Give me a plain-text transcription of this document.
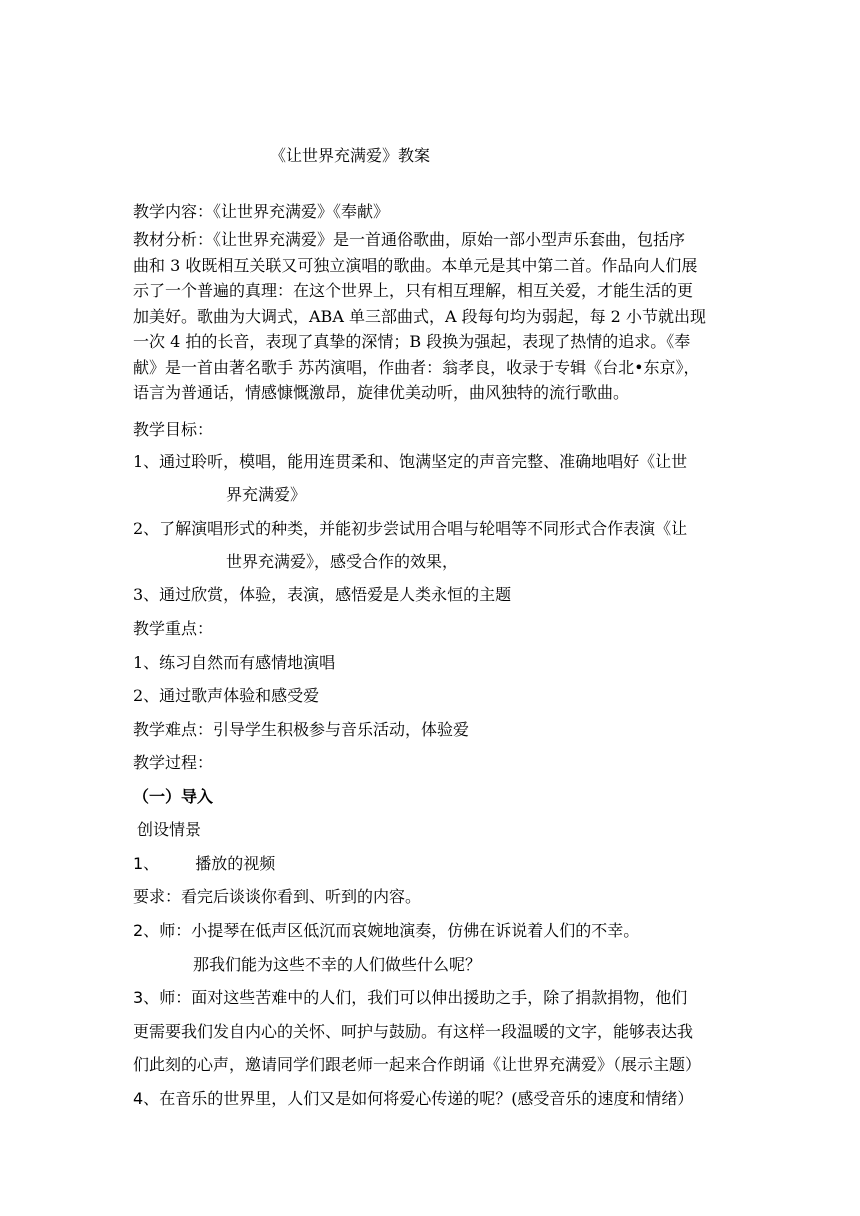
《让世界充满爱》教案
教学内容：《让世界充满爱》《奉献》

教材分析：《让世界充满爱》是一首通俗歌曲，原始一部小型声乐套曲，包括序

曲和 3 收既相互关联又可独立演唱的歌曲。本单元是其中第二首。作品向人们展

示了一个普遍的真理：在这个世界上，只有相互理解，相互关爱，才能生活的更

加美好。歌曲为大调式，ABA 单三部曲式，A 段每句均为弱起，每 2 小节就出现

一次 4 拍的长音，表现了真挚的深情；B 段换为强起，表现了热情的追求。《奉

献》是一首由著名歌手 苏芮演唱，作曲者：翁孝良，收录于专辑《台北•东京》，

语言为普通话，情感慷慨激昂，旋律优美动听，曲风独特的流行歌曲。

教学目标：
1、通过聆听，模唱，能用连贯柔和、饱满坚定的声音完整、准确地唱好《让世
界充满爱》
2、了解演唱形式的种类，并能初步尝试用合唱与轮唱等不同形式合作表演《让
世界充满爱》，感受合作的效果，
3、通过欣赏，体验，表演，感悟爱是人类永恒的主题
教学重点：
1、练习自然而有感情地演唱
2、通过歌声体验和感受爱
教学难点：引导学生积极参与音乐活动，体验爱
教学过程：
（一）导入
创设情景
1、 播放的视频
要求：看完后谈谈你看到、听到的内容。
2、师：小提琴在低声区低沉而哀婉地演奏，仿佛在诉说着人们的不幸。
那我们能为这些不幸的人们做些什么呢？
3、师：面对这些苦难中的人们，我们可以伸出援助之手，除了捐款捐物，他们
更需要我们发自内心的关怀、呵护与鼓励。有这样一段温暖的文字，能够表达我
们此刻的心声，邀请同学们跟老师一起来合作朗诵《让世界充满爱》（展示主题）
4、在音乐的世界里，人们又是如何将爱心传递的呢？(感受音乐的速度和情绪）
